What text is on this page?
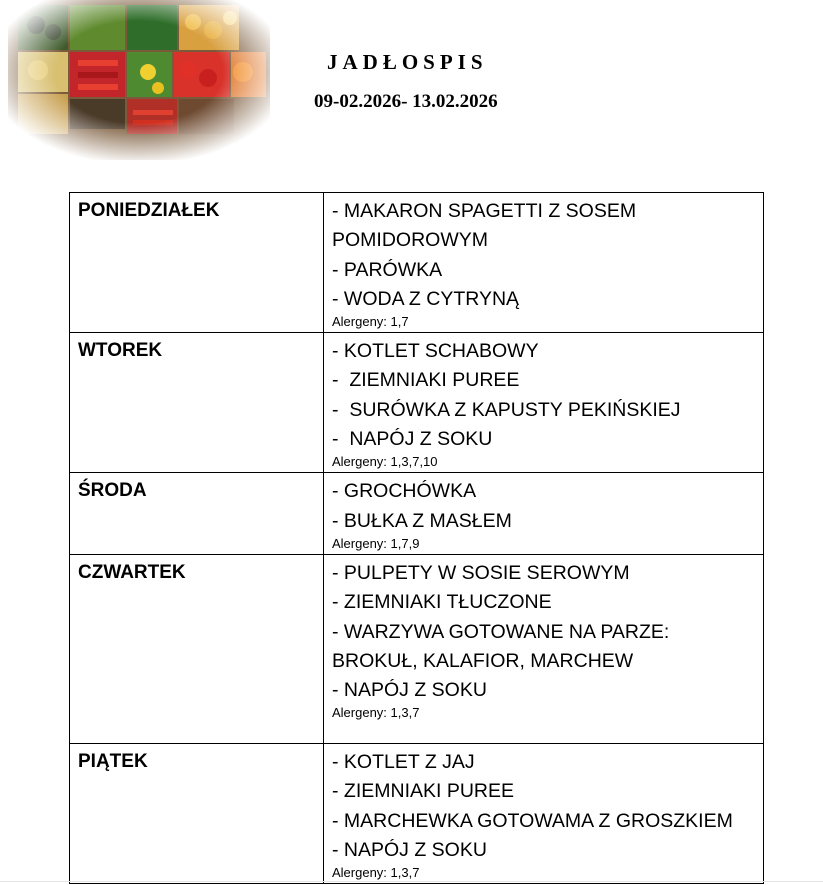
JADŁOSPIS
09-02.2026- 13.02.2026
PONIEDZIAŁEK	- MAKARON SPAGETTI Z SOSEM POMIDOROWYM
- PARÓWKA
- WODA Z CYTRYNĄ
Alergeny: 1,7

WTOREK	- KOTLET SCHABOWY
-  ZIEMNIAKI PUREE
-  SURÓWKA Z KAPUSTY PEKIŃSKIEJ
-  NAPÓJ Z SOKU
Alergeny: 1,3,7,10

ŚRODA	- GROCHÓWKA
- BUŁKA Z MASŁEM
Alergeny: 1,7,9

CZWARTEK	- PULPETY W SOSIE SEROWYM
- ZIEMNIAKI TŁUCZONE
- WARZYWA GOTOWANE NA PARZE: BROKUŁ, KALAFIOR, MARCHEW
- NAPÓJ Z SOKU
Alergeny: 1,3,7

PIĄTEK	- KOTLET Z JAJ
- ZIEMNIAKI PUREE
- MARCHEWKA GOTOWAMA Z GROSZKIEM
- NAPÓJ Z SOKU
Alergeny: 1,3,7
